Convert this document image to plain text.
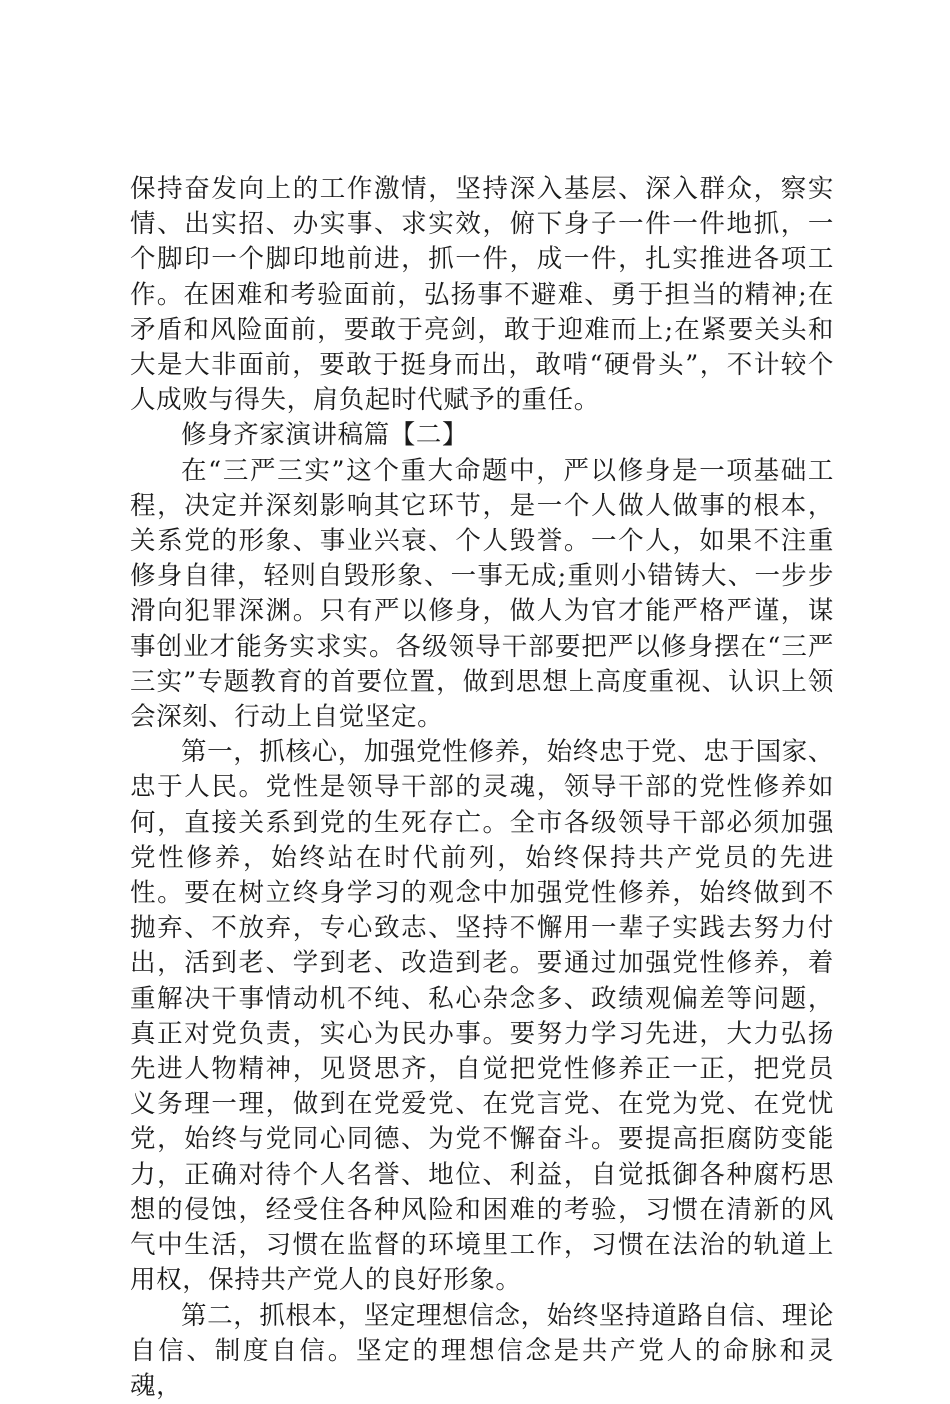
保持奋发向上的工作激情，坚持深入基层、深入群众，察实情、出实招、办实事、求实效，俯下身子一件一件地抓，一个脚印一个脚印地前进，抓一件，成一件，扎实推进各项工作。在困难和考验面前，弘扬事不避难、勇于担当的精神;在矛盾和风险面前，要敢于亮剑，敢于迎难而上;在紧要关头和大是大非面前，要敢于挺身而出，敢啃“硬骨头”，不计较个人成败与得失，肩负起时代赋予的重任。

修身齐家演讲稿篇【二】

在“三严三实”这个重大命题中，严以修身是一项基础工程，决定并深刻影响其它环节，是一个人做人做事的根本，关系党的形象、事业兴衰、个人毁誉。一个人，如果不注重修身自律，轻则自毁形象、一事无成;重则小错铸大、一步步滑向犯罪深渊。只有严以修身，做人为官才能严格严谨，谋事创业才能务实求实。各级领导干部要把严以修身摆在“三严三实”专题教育的首要位置，做到思想上高度重视、认识上领会深刻、行动上自觉坚定。

第一，抓核心，加强党性修养，始终忠于党、忠于国家、忠于人民。党性是领导干部的灵魂，领导干部的党性修养如何，直接关系到党的生死存亡。全市各级领导干部必须加强党性修养，始终站在时代前列，始终保持共产党员的先进性。要在树立终身学习的观念中加强党性修养，始终做到不抛弃、不放弃，专心致志、坚持不懈用一辈子实践去努力付出，活到老、学到老、改造到老。要通过加强党性修养，着重解决干事情动机不纯、私心杂念多、政绩观偏差等问题，真正对党负责，实心为民办事。要努力学习先进，大力弘扬先进人物精神，见贤思齐，自觉把党性修养正一正，把党员义务理一理，做到在党爱党、在党言党、在党为党、在党忧党，始终与党同心同德、为党不懈奋斗。要提高拒腐防变能力，正确对待个人名誉、地位、利益，自觉抵御各种腐朽思想的侵蚀，经受住各种风险和困难的考验，习惯在清新的风气中生活，习惯在监督的环境里工作，习惯在法治的轨道上用权，保持共产党人的良好形象。

第二，抓根本，坚定理想信念，始终坚持道路自信、理论自信、制度自信。坚定的理想信念是共产党人的命脉和灵魂，
